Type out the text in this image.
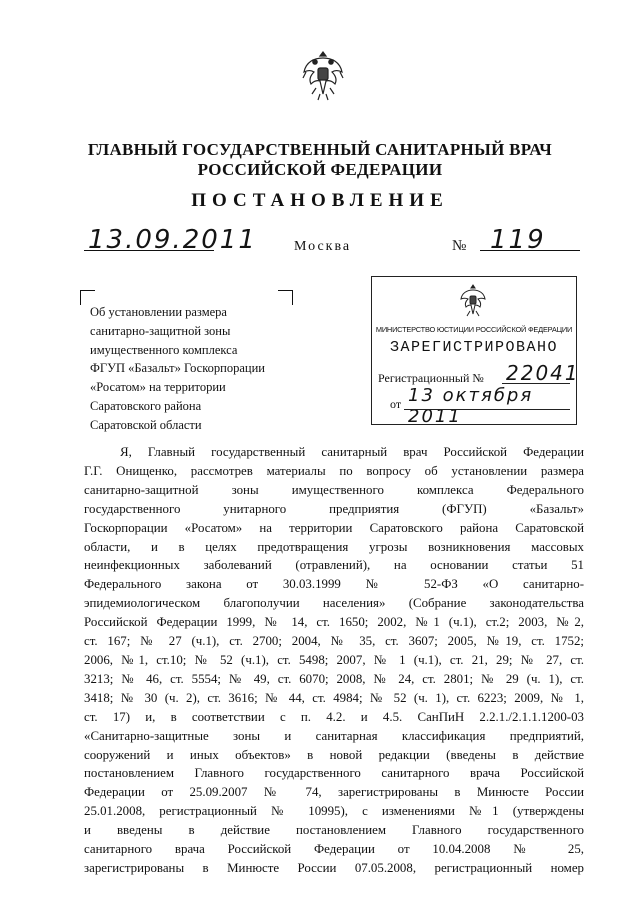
ГЛАВНЫЙ ГОСУДАРСТВЕННЫЙ САНИТАРНЫЙ ВРАЧ
РОССИЙСКОЙ ФЕДЕРАЦИИ
ПОСТАНОВЛЕНИЕ
13.09.2011	Москва	№ 119
Об установлении размера
санитарно-защитной зоны
имущественного комплекса
ФГУП «Базальт» Госкорпорации
«Росатом» на территории
Саратовского района
Саратовской области

МИНИСТЕРСТВО ЮСТИЦИИ РОССИЙСКОЙ ФЕДЕРАЦИИ

ЗАРЕГИСТРИРОВАНО

Регистрационный № 22041
от 13 октября 2011
Я, Главный государственный санитарный врач Российской Федерации
Г.Г. Онищенко, рассмотрев материалы по вопросу об установлении размера
санитарно-защитной зоны имущественного комплекса Федерального
государственного унитарного предприятия (ФГУП) «Базальт»
Госкорпорации «Росатом» на территории Саратовского района Саратовской
области, и в целях предотвращения угрозы возникновения массовых
неинфекционных заболеваний (отравлений), на основании статьи 51
Федерального закона от 30.03.1999 № 52-ФЗ «О санитарно-
эпидемиологическом благополучии населения» (Собрание законодательства
Российской Федерации 1999, № 14, ст. 1650; 2002, №1 (ч.1), ст.2; 2003, №2,
ст. 167; № 27 (ч.1), ст. 2700; 2004, № 35, ст. 3607; 2005, №19, ст. 1752;
2006, №1, ст.10; № 52 (ч.1), ст. 5498; 2007, № 1 (ч.1), ст. 21, 29; № 27, ст.
3213; № 46, ст. 5554; № 49, ст. 6070; 2008, № 24, ст. 2801; № 29 (ч. 1), ст.
3418; № 30 (ч. 2), ст. 3616; № 44, ст. 4984; № 52 (ч. 1), ст. 6223; 2009, № 1,
ст. 17) и, в соответствии с п. 4.2. и 4.5. СанПиН 2.2.1./2.1.1.1200-03
«Санитарно-защитные зоны и санитарная классификация предприятий,
сооружений и иных объектов» в новой редакции (введены в действие
постановлением Главного государственного санитарного врача Российской
Федерации от 25.09.2007 № 74, зарегистрированы в Минюсте России
25.01.2008, регистрационный № 10995), с изменениями №1 (утверждены
и введены в действие постановлением Главного государственного
санитарного врача Российской Федерации от 10.04.2008 № 25,
зарегистрированы в Минюсте России 07.05.2008, регистрационный номер
